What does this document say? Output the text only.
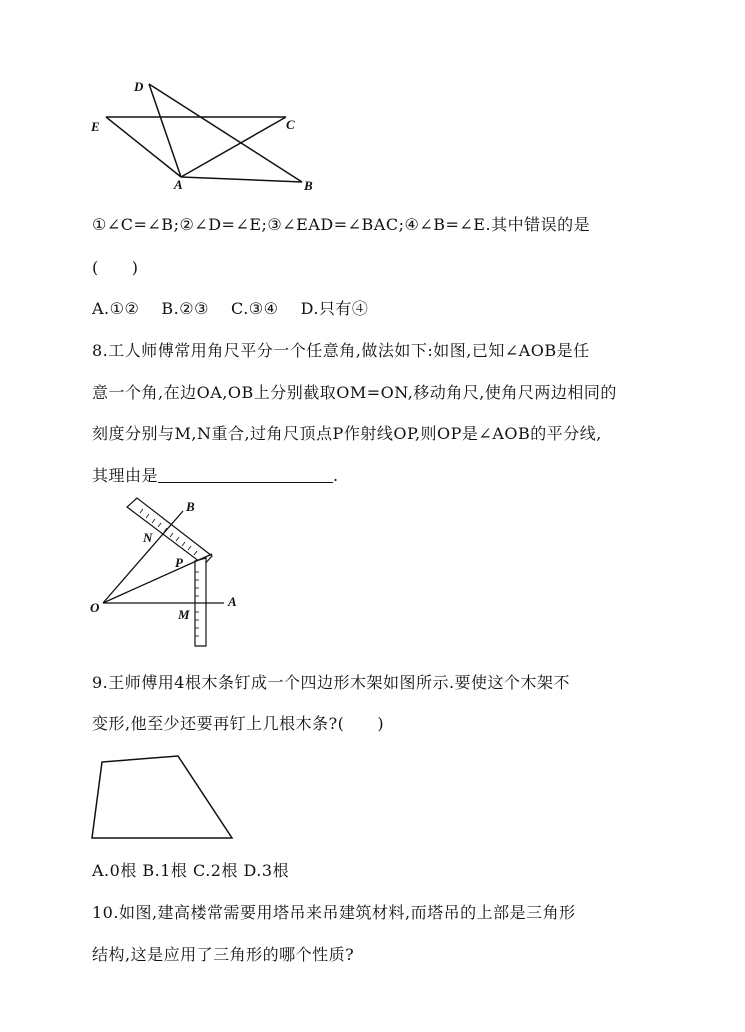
D
E	C
A	B
①∠C=∠B;②∠D=∠E;③∠EAD=∠BAC;④∠B=∠E.其中错误的是
(　　)
A.①②　 B.②③　 C.③④　 D.只有④
8.工人师傅常用角尺平分一个任意角,做法如下:如图,已知∠AOB是任
意一个角,在边OA,OB上分别截取OM=ON,移动角尺,使角尺两边相同的
刻度分别与M,N重合,过角尺顶点P作射线OP,则OP是∠AOB的平分线,
其理由是	.
B
N
P
O	M
A
9.王师傅用4根木条钉成一个四边形木架如图所示.要使这个木架不
变形,他至少还要再钉上几根木条?(　　)
A.0根 B.1根 C.2根 D.3根
10.如图,建高楼常需要用塔吊来吊建筑材料,而塔吊的上部是三角形
结构,这是应用了三角形的哪个性质?
